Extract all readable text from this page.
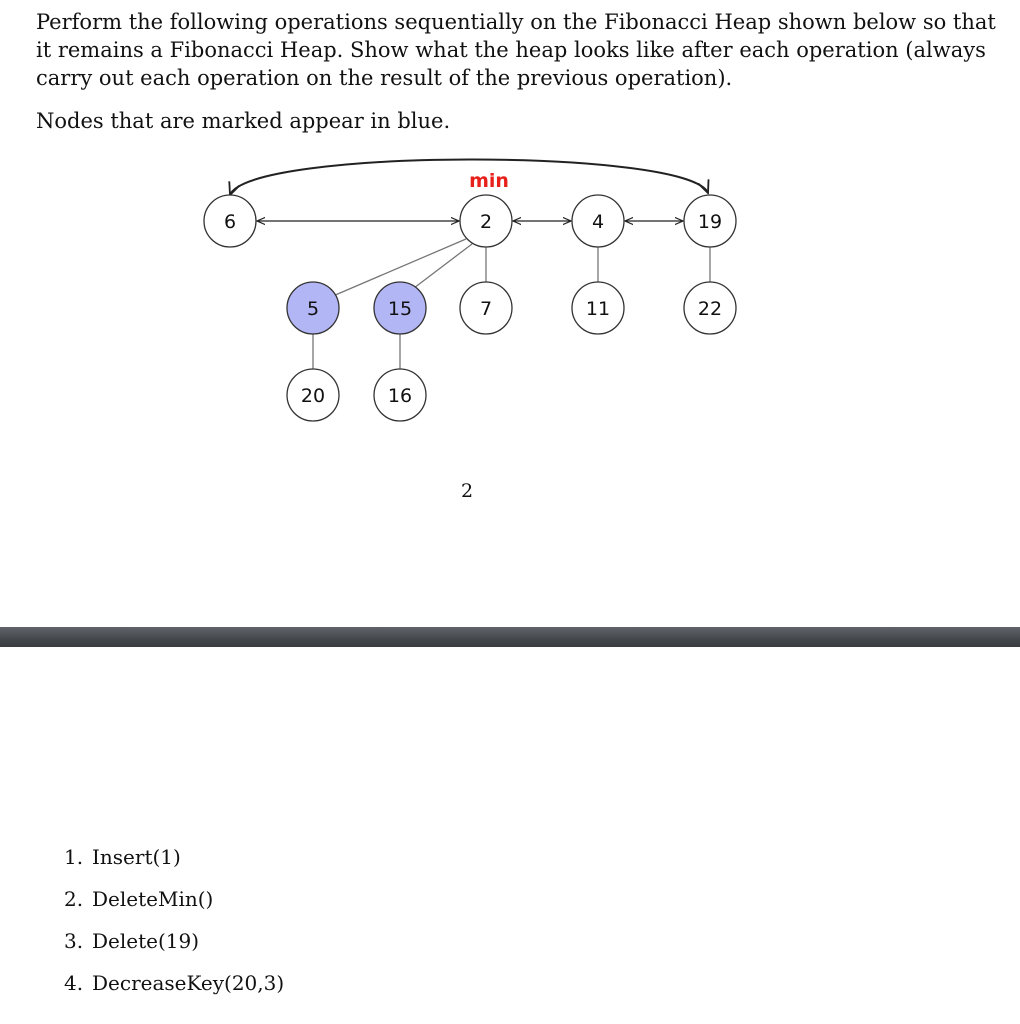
Perform the following operations sequentially on the Fibonacci Heap shown below so that it remains a Fibonacci Heap. Show what the heap looks like after each operation (always carry out each operation on the result of the previous operation).

Nodes that are marked appear in blue.

min
6	2	4	19
5	15	7	11	22
20	16

2

1. Insert(1)
2. DeleteMin()
3. Delete(19)
4. DecreaseKey(20,3)
